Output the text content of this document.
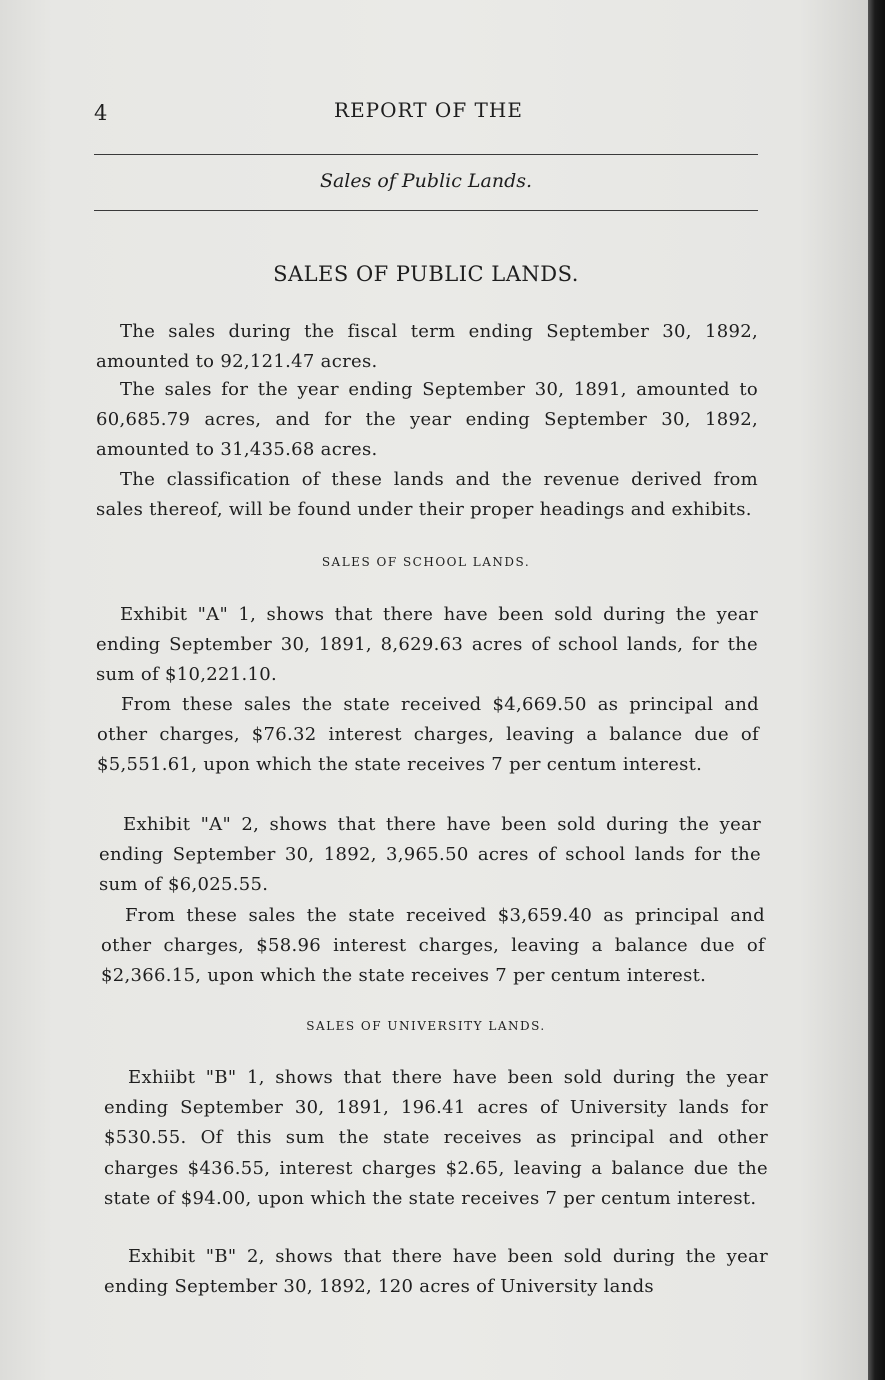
4	REPORT OF THE
Sales of Public Lands.
SALES OF PUBLIC LANDS.

The sales during the fiscal term ending September 30, 1892, amounted to 92,121.47 acres.

The sales for the year ending September 30, 1891, amounted to 60,685.79 acres, and for the year ending September 30, 1892, amounted to 31,435.68 acres.

The classification of these lands and the revenue derived from sales thereof, will be found under their proper headings and exhibits.

SALES OF SCHOOL LANDS.

Exhibit "A" 1, shows that there have been sold during the year ending September 30, 1891, 8,629.63 acres of school lands, for the sum of $10,221.10.

From these sales the state received $4,669.50 as principal and other charges, $76.32 interest charges, leaving a balance due of $5,551.61, upon which the state receives 7 per centum interest.

Exhibit "A" 2, shows that there have been sold during the year ending September 30, 1892, 3,965.50 acres of school lands for the sum of $6,025.55.

From these sales the state received $3,659.40 as principal and other charges, $58.96 interest charges, leaving a balance due of $2,366.15, upon which the state receives 7 per centum interest.

SALES OF UNIVERSITY LANDS.

Exhiibt "B" 1, shows that there have been sold during the year ending September 30, 1891, 196.41 acres of University lands for $530.55. Of this sum the state receives as principal and other charges $436.55, interest charges $2.65, leaving a balance due the state of $94.00, upon which the state receives 7 per centum interest.

Exhibit "B" 2, shows that there have been sold during the year ending September 30, 1892, 120 acres of University lands
